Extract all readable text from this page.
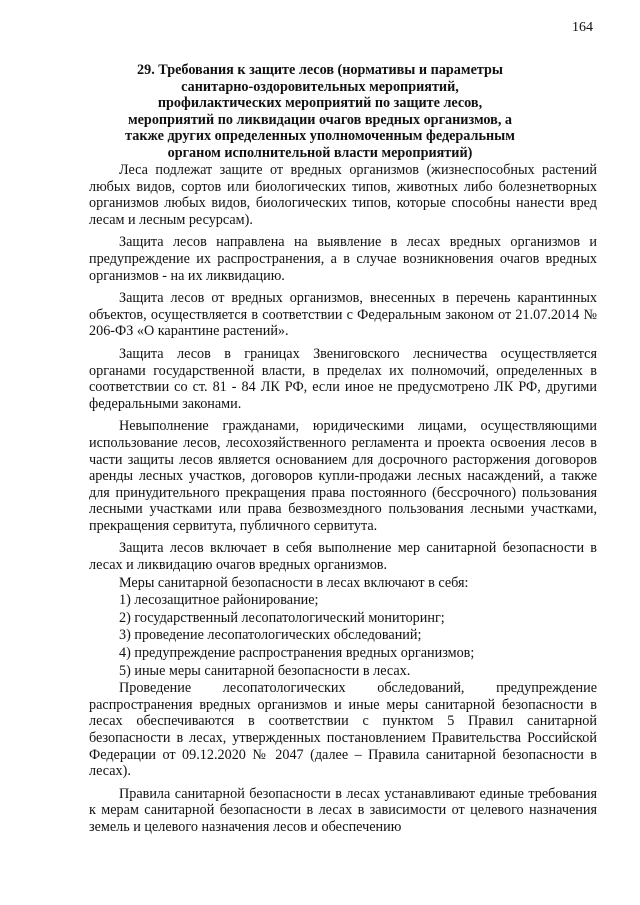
164
29. Требования к защите лесов (нормативы и параметры санитарно-оздоровительных мероприятий, профилактических мероприятий по защите лесов, мероприятий по ликвидации очагов вредных организмов, а также других определенных уполномоченным федеральным органом исполнительной власти мероприятий)

Леса подлежат защите от вредных организмов (жизнеспособных растений любых видов, сортов или биологических типов, животных либо болезнетворных организмов любых видов, биологических типов, которые способны нанести вред лесам и лесным ресурсам).

Защита лесов направлена на выявление в лесах вредных организмов и предупреждение их распространения, а в случае возникновения очагов вредных организмов - на их ликвидацию.

Защита лесов от вредных организмов, внесенных в перечень карантинных объектов, осуществляется в соответствии с Федеральным законом от 21.07.2014 № 206-ФЗ «О карантине растений».

Защита лесов в границах Звениговского лесничества осуществляется органами государственной власти, в пределах их полномочий, определенных в соответствии со ст. 81 - 84 ЛК РФ, если иное не предусмотрено ЛК РФ, другими федеральными законами.

Невыполнение гражданами, юридическими лицами, осуществляющими использование лесов, лесохозяйственного регламента и проекта освоения лесов в части защиты лесов является основанием для досрочного расторжения договоров аренды лесных участков, договоров купли-продажи лесных насаждений, а также для принудительного прекращения права постоянного (бессрочного) пользования лесными участками или права безвозмездного пользования лесными участками, прекращения сервитута, публичного сервитута.

Защита лесов включает в себя выполнение мер санитарной безопасности в лесах и ликвидацию очагов вредных организмов.

Меры санитарной безопасности в лесах включают в себя:

1) лесозащитное районирование;

2) государственный лесопатологический мониторинг;

3) проведение лесопатологических обследований;

4) предупреждение распространения вредных организмов;

5) иные меры санитарной безопасности в лесах.

Проведение лесопатологических обследований, предупреждение распространения вредных организмов и иные меры санитарной безопасности в лесах обеспечиваются в соответствии с пунктом 5 Правил санитарной безопасности в лесах, утвержденных постановлением Правительства Российской Федерации от 09.12.2020 № 2047 (далее – Правила санитарной безопасности в лесах).

Правила санитарной безопасности в лесах устанавливают единые требования к мерам санитарной безопасности в лесах в зависимости от целевого назначения земель и целевого назначения лесов и обеспечению
